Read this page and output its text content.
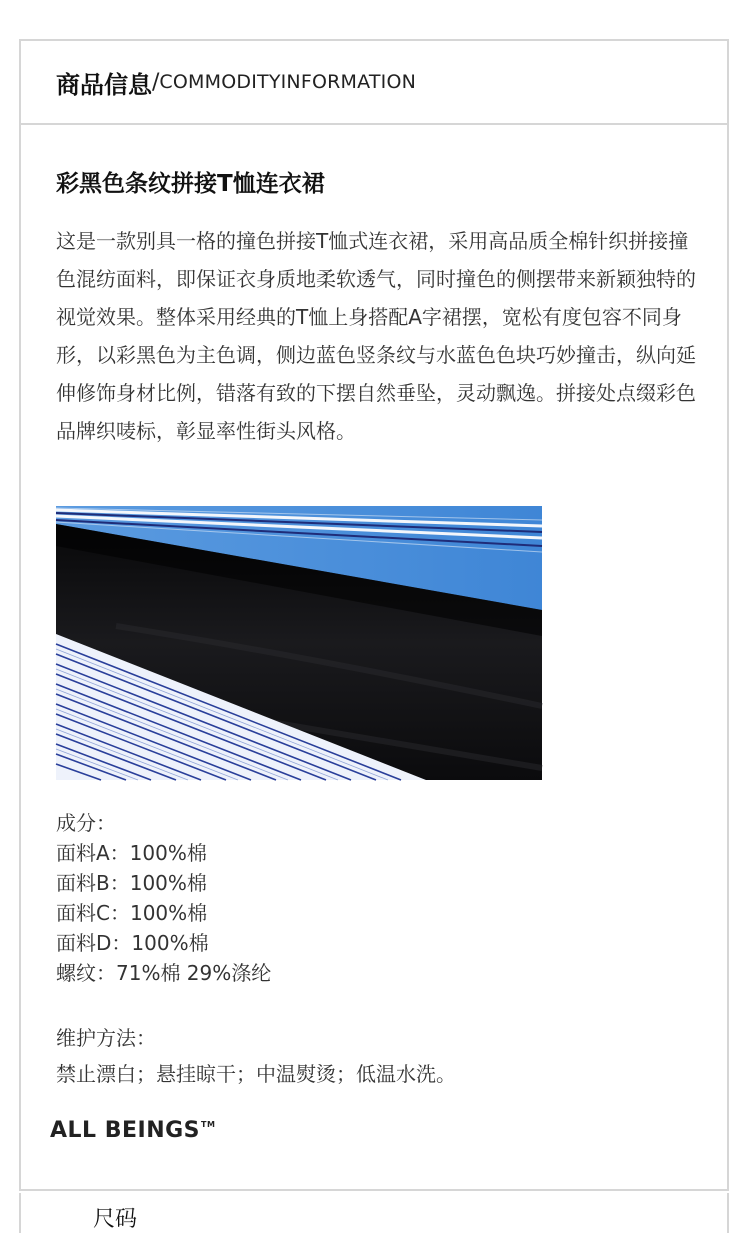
商品信息 / COMMODITYINFORMATION
彩黑色条纹拼接T恤连衣裙

这是一款别具一格的撞色拼接T恤式连衣裙，采用高品质全棉针织拼接撞色混纺面料，即保证衣身质地柔软透气，同时撞色的侧摆带来新颖独特的视觉效果。整体采用经典的T恤上身搭配A字裙摆，宽松有度包容不同身形，以彩黑色为主色调，侧边蓝色竖条纹与水蓝色色块巧妙撞击，纵向延伸修饰身材比例，错落有致的下摆自然垂坠，灵动飘逸。拼接处点缀彩色品牌织唛标，彰显率性街头风格。

成分：
面料A：100%棉
面料B：100%棉
面料C：100%棉
面料D：100%棉
螺纹：71%棉 29%涤纶
维护方法：
禁止漂白；悬挂晾干；中温熨烫；低温水洗。
ALL BEINGS™
尺码
